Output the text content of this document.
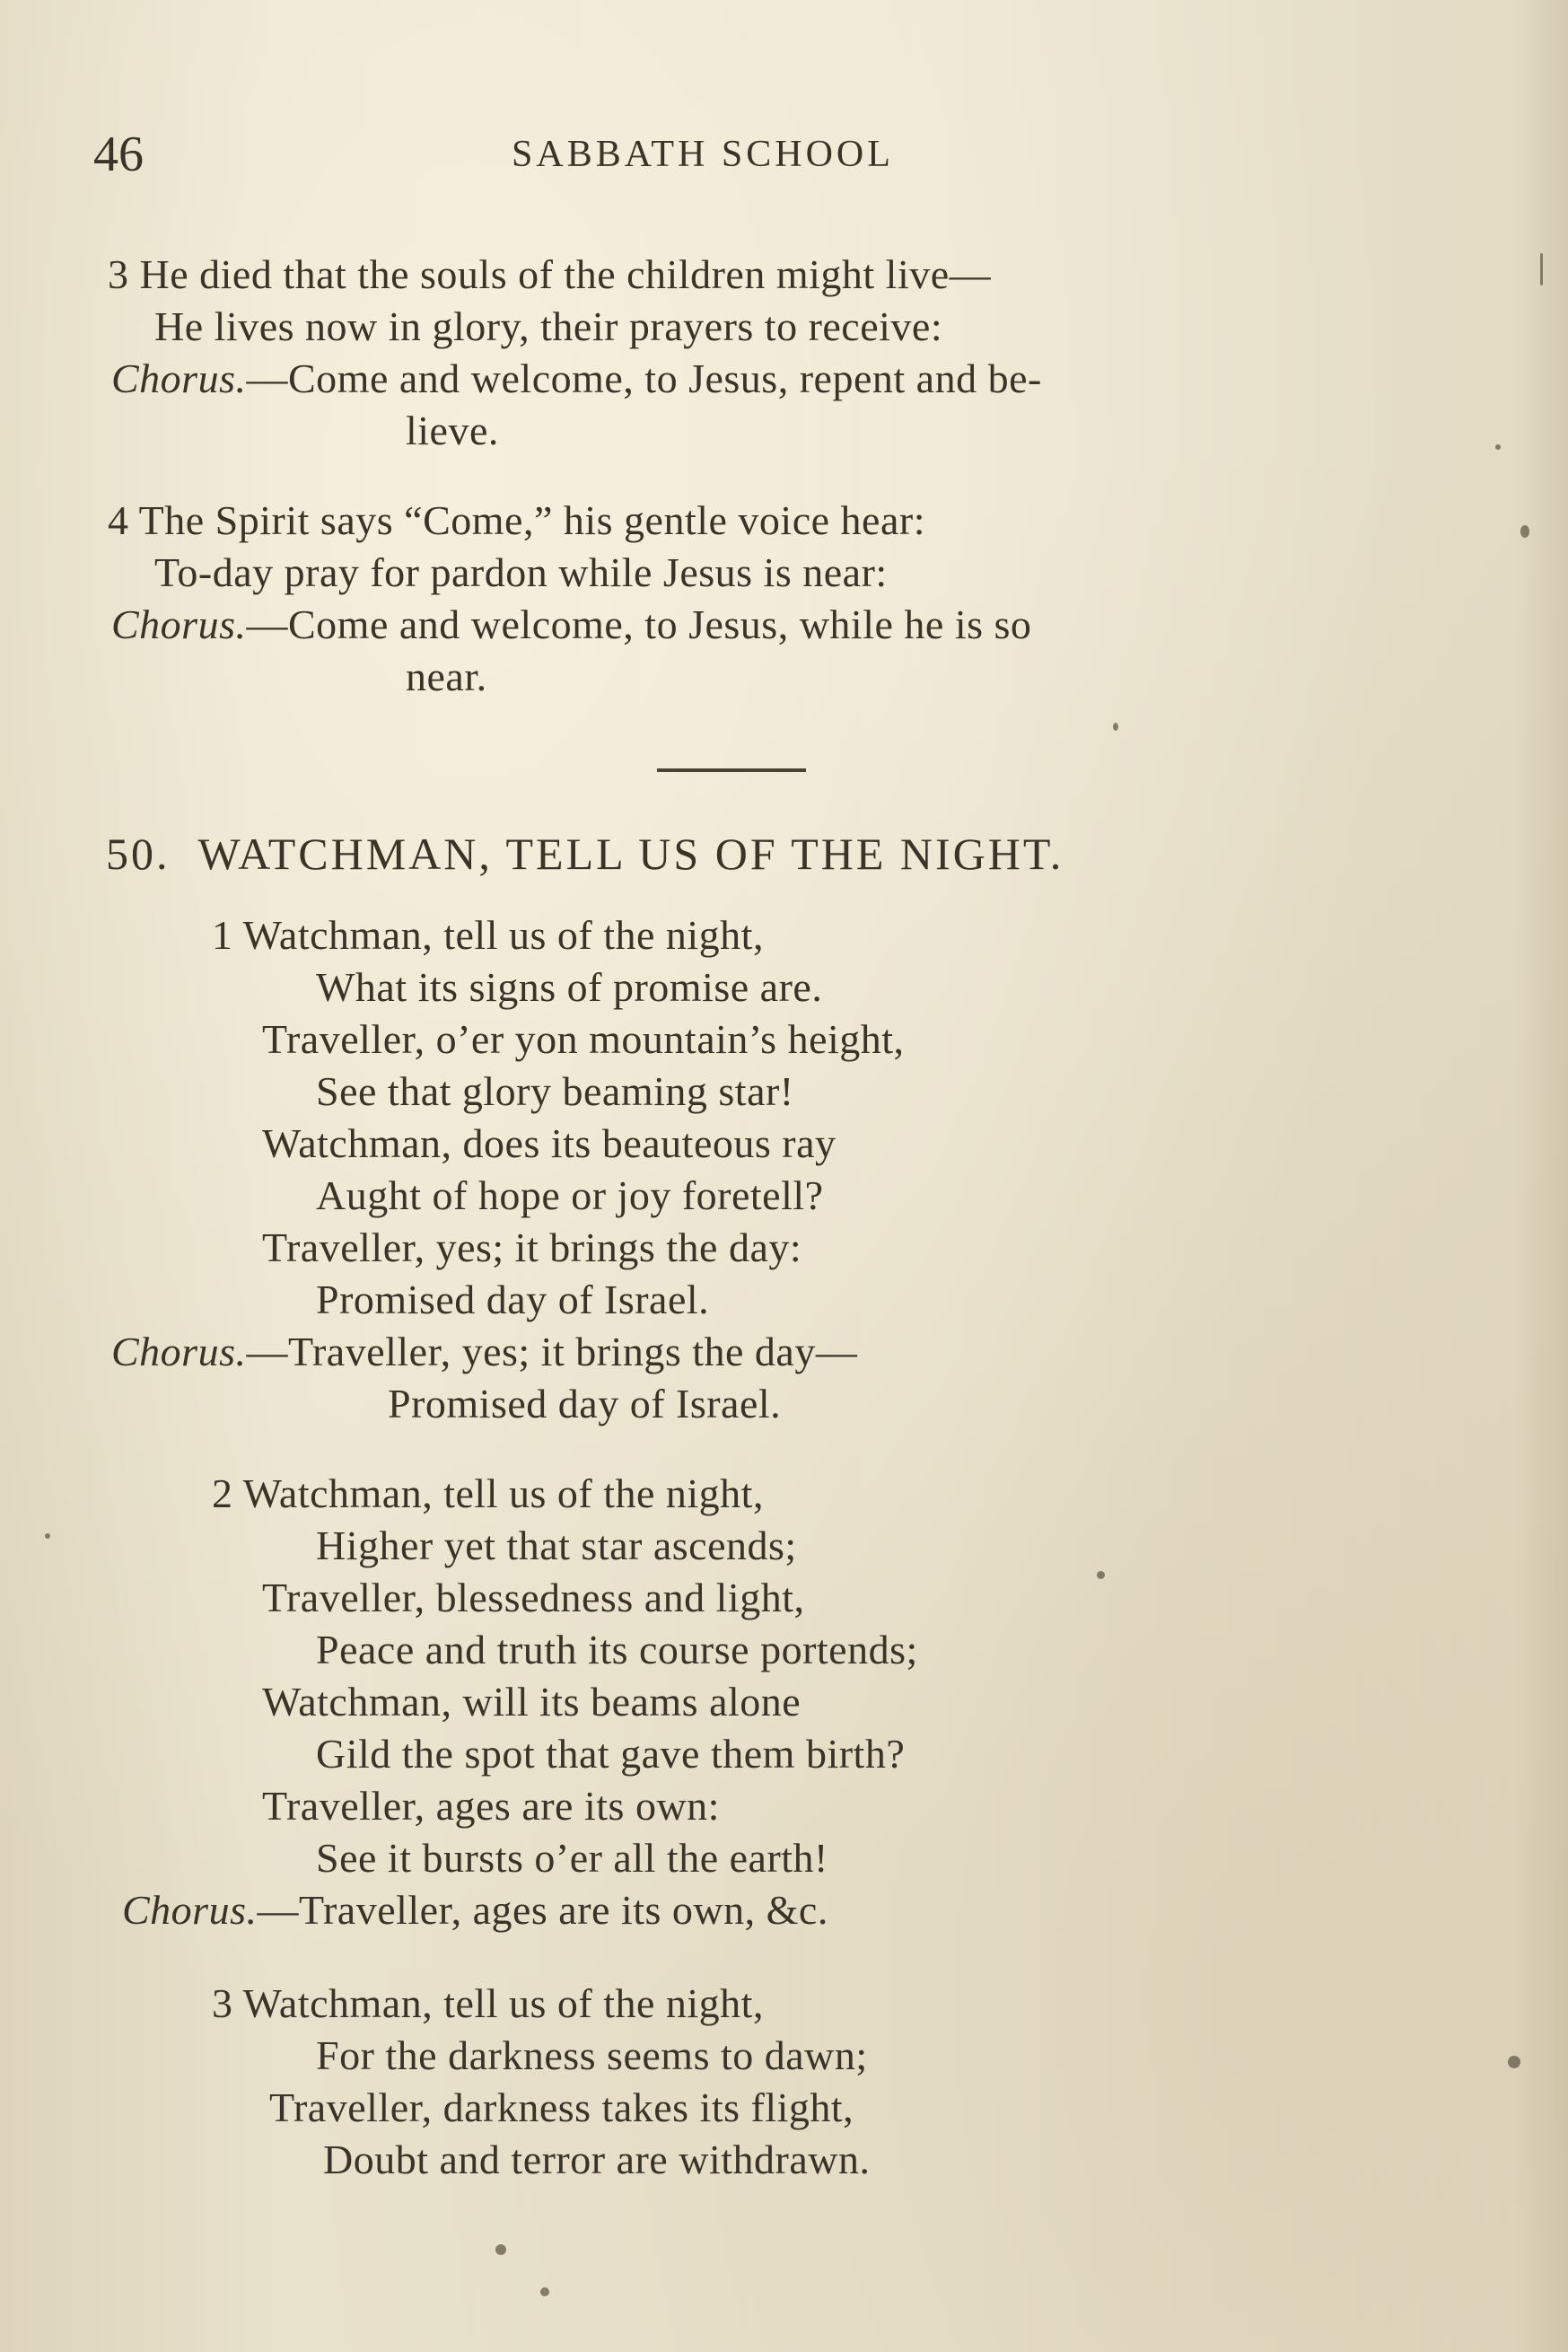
46	SABBATH SCHOOL
3 He died that the souls of the children might live—
He lives now in glory, their prayers to receive:
Chorus.—Come and welcome, to Jesus, repent and be-
lieve.
4 The Spirit says “Come,” his gentle voice hear:
To-day pray for pardon while Jesus is near:
Chorus.—Come and welcome, to Jesus, while he is so
near.
50. WATCHMAN, TELL US OF THE NIGHT.
1 Watchman, tell us of the night,
What its signs of promise are.
Traveller, o’er yon mountain’s height,
See that glory beaming star!
Watchman, does its beauteous ray
Aught of hope or joy foretell?
Traveller, yes; it brings the day:
Promised day of Israel.
Chorus.—Traveller, yes; it brings the day—
Promised day of Israel.
2 Watchman, tell us of the night,
Higher yet that star ascends;
Traveller, blessedness and light,
Peace and truth its course portends;
Watchman, will its beams alone
Gild the spot that gave them birth?
Traveller, ages are its own:
See it bursts o’er all the earth!
Chorus.—Traveller, ages are its own, &c.
3 Watchman, tell us of the night,
For the darkness seems to dawn;
Traveller, darkness takes its flight,
Doubt and terror are withdrawn.
